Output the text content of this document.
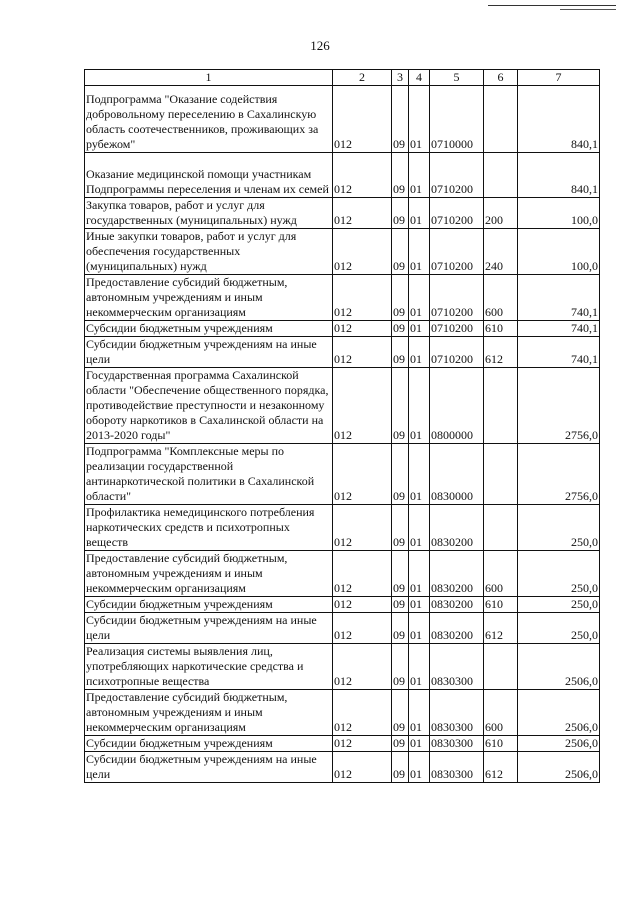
126
1	2	3	4	5	6	7
Подпрограмма "Оказание содействия добровольному переселению в Сахалинскую область соотечественников, проживающих за рубежом"	012	09	01	0710000		840,1
Оказание медицинской помощи участникам Подпрограммы переселения и членам их семей	012	09	01	0710200		840,1
Закупка товаров, работ и услуг для государственных (муниципальных) нужд	012	09	01	0710200	200	100,0
Иные закупки товаров, работ и услуг для обеспечения государственных (муниципальных) нужд	012	09	01	0710200	240	100,0
Предоставление субсидий бюджетным, автономным учреждениям и иным некоммерческим организациям	012	09	01	0710200	600	740,1
Субсидии бюджетным учреждениям	012	09	01	0710200	610	740,1
Субсидии бюджетным учреждениям на иные цели	012	09	01	0710200	612	740,1
Государственная программа Сахалинской области "Обеспечение общественного порядка, противодействие преступности и незаконному обороту наркотиков в Сахалинской области на 2013-2020 годы"	012	09	01	0800000		2756,0
Подпрограмма "Комплексные меры по реализации государственной антинаркотической политики в Сахалинской области"	012	09	01	0830000		2756,0
Профилактика немедицинского потребления наркотических средств и психотропных веществ	012	09	01	0830200		250,0
Предоставление субсидий бюджетным, автономным учреждениям и иным некоммерческим организациям	012	09	01	0830200	600	250,0
Субсидии бюджетным учреждениям	012	09	01	0830200	610	250,0
Субсидии бюджетным учреждениям на иные цели	012	09	01	0830200	612	250,0
Реализация системы выявления лиц, употребляющих наркотические средства и психотропные вещества	012	09	01	0830300		2506,0
Предоставление субсидий бюджетным, автономным учреждениям и иным некоммерческим организациям	012	09	01	0830300	600	2506,0
Субсидии бюджетным учреждениям	012	09	01	0830300	610	2506,0
Субсидии бюджетным учреждениям на иные цели	012	09	01	0830300	612	2506,0
